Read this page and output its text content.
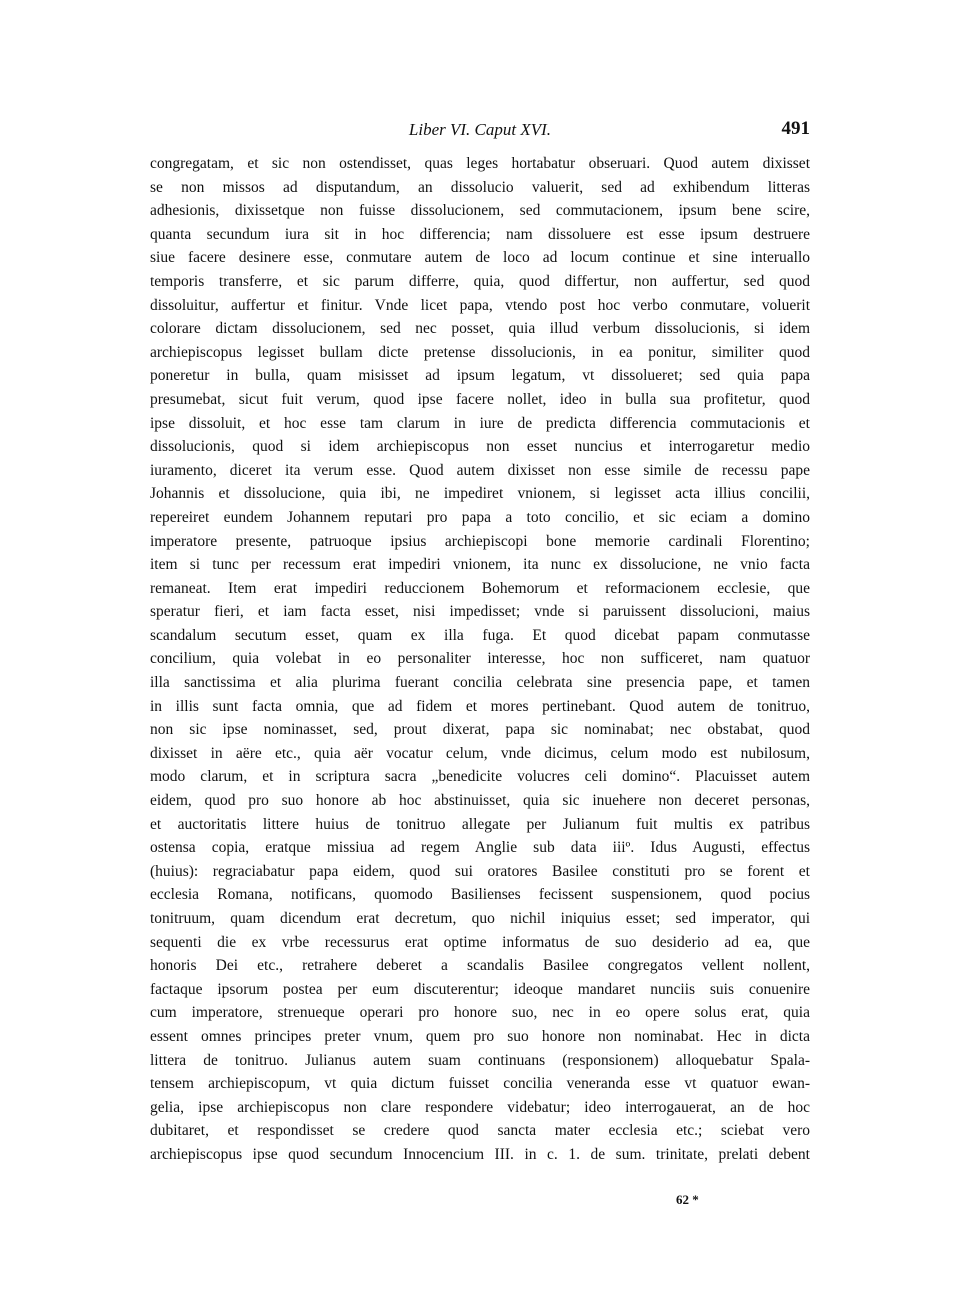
Liber VI. Caput XVI.	491
congregatam, et sic non ostendisset, quas leges hortabatur obseruari. Quod autem dixisset
se non missos ad disputandum, an dissolucio valuerit, sed ad exhibendum litteras
adhesionis, dixissetque non fuisse dissolucionem, sed commutacionem, ipsum bene scire,
quanta secundum iura sit in hoc differencia; nam dissoluere est esse ipsum destruere
siue facere desinere esse, conmutare autem de loco ad locum continue et sine interuallo
temporis transferre, et sic parum differre, quia, quod differtur, non auffertur, sed quod
dissoluitur, auffertur et finitur. Vnde licet papa, vtendo post hoc verbo conmutare, voluerit
colorare dictam dissolucionem, sed nec posset, quia illud verbum dissolucionis, si idem
archiepiscopus legisset bullam dicte pretense dissolucionis, in ea ponitur, similiter quod
poneretur in bulla, quam misisset ad ipsum legatum, vt dissolueret; sed quia papa
presumebat, sicut fuit verum, quod ipse facere nollet, ideo in bulla sua profitetur, quod
ipse dissoluit, et hoc esse tam clarum in iure de predicta differencia commutacionis et
dissolucionis, quod si idem archiepiscopus non esset nuncius et interrogaretur medio
iuramento, diceret ita verum esse. Quod autem dixisset non esse simile de recessu pape
Johannis et dissolucione, quia ibi, ne impediret vnionem, si legisset acta illius concilii,
repereiret eundem Johannem reputari pro papa a toto concilio, et sic eciam a domino
imperatore presente, patruoque ipsius archiepiscopi bone memorie cardinali Florentino;
item si tunc per recessum erat impediri vnionem, ita nunc ex dissolucione, ne vnio facta
remaneat. Item erat impediri reduccionem Bohemorum et reformacionem ecclesie, que
speratur fieri, et iam facta esset, nisi impedisset; vnde si paruissent dissolucioni, maius
scandalum secutum esset, quam ex illa fuga. Et quod dicebat papam conmutasse
concilium, quia volebat in eo personaliter interesse, hoc non sufficeret, nam quatuor
illa sanctissima et alia plurima fuerant concilia celebrata sine presencia pape, et tamen
in illis sunt facta omnia, que ad fidem et mores pertinebant. Quod autem de tonitruo,
non sic ipse nominasset, sed, prout dixerat, papa sic nominabat; nec obstabat, quod
dixisset in aëre etc., quia aër vocatur celum, vnde dicimus, celum modo est nubilosum,
modo clarum, et in scriptura sacra „benedicite volucres celi domino“. Placuisset autem
eidem, quod pro suo honore ab hoc abstinuisset, quia sic inuehere non deceret personas,
et auctoritatis littere huius de tonitruo allegate per Julianum fuit multis ex patribus
ostensa copia, eratque missiua ad regem Anglie sub data iiiº. Idus Augusti, effectus
(huius): regraciabatur papa eidem, quod sui oratores Basilee constituti pro se forent et
ecclesia Romana, notificans, quomodo Basilienses fecissent suspensionem, quod pocius
tonitruum, quam dicendum erat decretum, quo nichil iniquius esset; sed imperator, qui
sequenti die ex vrbe recessurus erat optime informatus de suo desiderio ad ea, que
honoris Dei etc., retrahere deberet a scandalis Basilee congregatos vellent nollent,
factaque ipsorum postea per eum discuterentur; ideoque mandaret nunciis suis conuenire
cum imperatore, strenueque operari pro honore suo, nec in eo opere solus erat, quia
essent omnes principes preter vnum, quem pro suo honore non nominabat. Hec in dicta
littera de tonitruo. Julianus autem suam continuans (responsionem) alloquebatur Spala-
tensem archiepiscopum, vt quia dictum fuisset concilia veneranda esse vt quatuor ewan-
gelia, ipse archiepiscopus non clare respondere videbatur; ideo interrogauerat, an de hoc
dubitaret, et respondisset se credere quod sancta mater ecclesia etc.; sciebat vero
archiepiscopus ipse quod secundum Innocencium III. in c. 1. de sum. trinitate, prelati debent
62 *
